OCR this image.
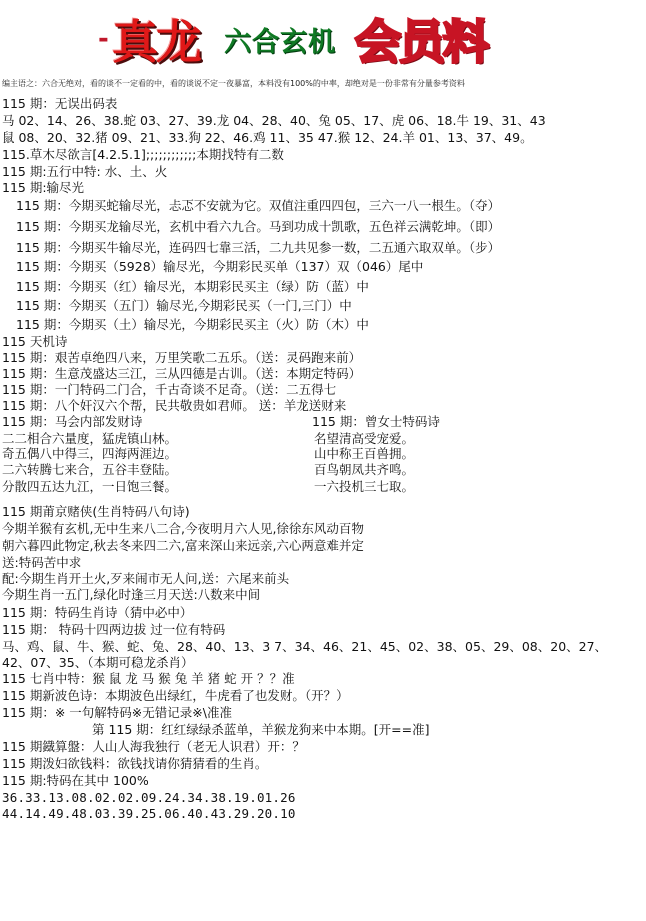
- 真龙 六合玄机 会员料
编主语之：六合无绝对，看的谈不一定看的中，看的谈说不定一夜暴富，本料没有100%的中率，却绝对是一份非常有分量参考资料
115 期：无误出码表
马 02、14、26、38.蛇 03、27、39.龙 04、28、40、兔 05、17、虎 06、18.牛 19、31、43
鼠 08、20、32.猪 09、21、33.狗 22、46.鸡 11、35 47.猴 12、24.羊 01、13、37、49。
115.草木尽欲言[4.2.5.1];;;;;;;;;;;;本期找特有二数
115 期:五行中特: 水、土、火
115 期:输尽光
115 期：今期买蛇输尽光，忐忑不安就为它。双值注重四四包，三六一八一根生。（夺）
115 期：今期买龙输尽光，玄机中看六九合。马到功成十凯歌，五色祥云满乾坤。（即）
115 期：今期买牛输尽光，连码四七靠三活，二九共见参一数，二五通六取双单。（步）
115 期：今期买（5928）输尽光，今期彩民买单（137）双（046）尾中
115 期：今期买（红）输尽光，本期彩民买主（绿）防（蓝）中
115 期：今期买（五门）输尽光,今期彩民买（一门,三门）中
115 期：今期买（土）输尽光，今期彩民买主（火）防（木）中
115 天机诗
115 期：艰苦卓绝四八来，万里笑歌二五乐。（送：灵码跑来前）
115 期：生意茂盛达三江，三从四德是古训。（送：本期定特码）
115 期：一门特码二门合，千古奇谈不足奇。（送：二五得七
115 期：八个奸汉六个帮，民共敬贵如君师。 送：羊龙送财来
115 期：马会内部发财诗	115 期：曾女士特码诗
二二相合六量度，猛虎镇山林。	名望清高受宠爱。
奇五偶八中得三，四海两涯边。	山中称王百兽拥。
二六转腾七来合，五谷丰登陆。	百鸟朝凤共齐鸣。
分散四五达九江，一日饱三餐。	一六投机三七取。
115 期莆京赌侠(生肖特码八句诗)
今期羊猴有玄机,无中生来八二合,今夜明月六人见,徐徐东风动百物
朝六暮四此物定,秋去冬来四二六,富来深山来远亲,六心两意难并定
送:特码苦中求
配:今期生肖开土火,歹来闹市无人问,送：六尾来前头
今期生肖一五门,绿化时逢三月天送:八数来中间
115 期：特码生肖诗（猜中必中）
115 期： 特码十四两边拔 过一位有特码
马、鸡、鼠、牛、猴、蛇、兔、28、40、13、3 7、34、46、21、45、02、38、05、29、08、20、27、
42、07、35、（本期可稳龙杀肖）
115 七肖中特：猴 鼠 龙 马 猴 兔 羊 猪 蛇 开 ？？准
115 期新波色诗：本期波色出绿红，牛虎看了也发财。（开？）
115 期：※ 一句解特码※无错记录※\准准
第 115 期：红红绿绿杀蓝单，羊猴龙狗来中本期。[开==准]
115 期鐡算盤：人山人海我独行（老无人识君）开：？
115 期泼妇欲钱料：欲钱找请你猜猜看的生肖。
115 期:特码在其中 100%
36.33.13.08.02.02.09.24.34.38.19.01.26
44.14.49.48.03.39.25.06.40.43.29.20.10
